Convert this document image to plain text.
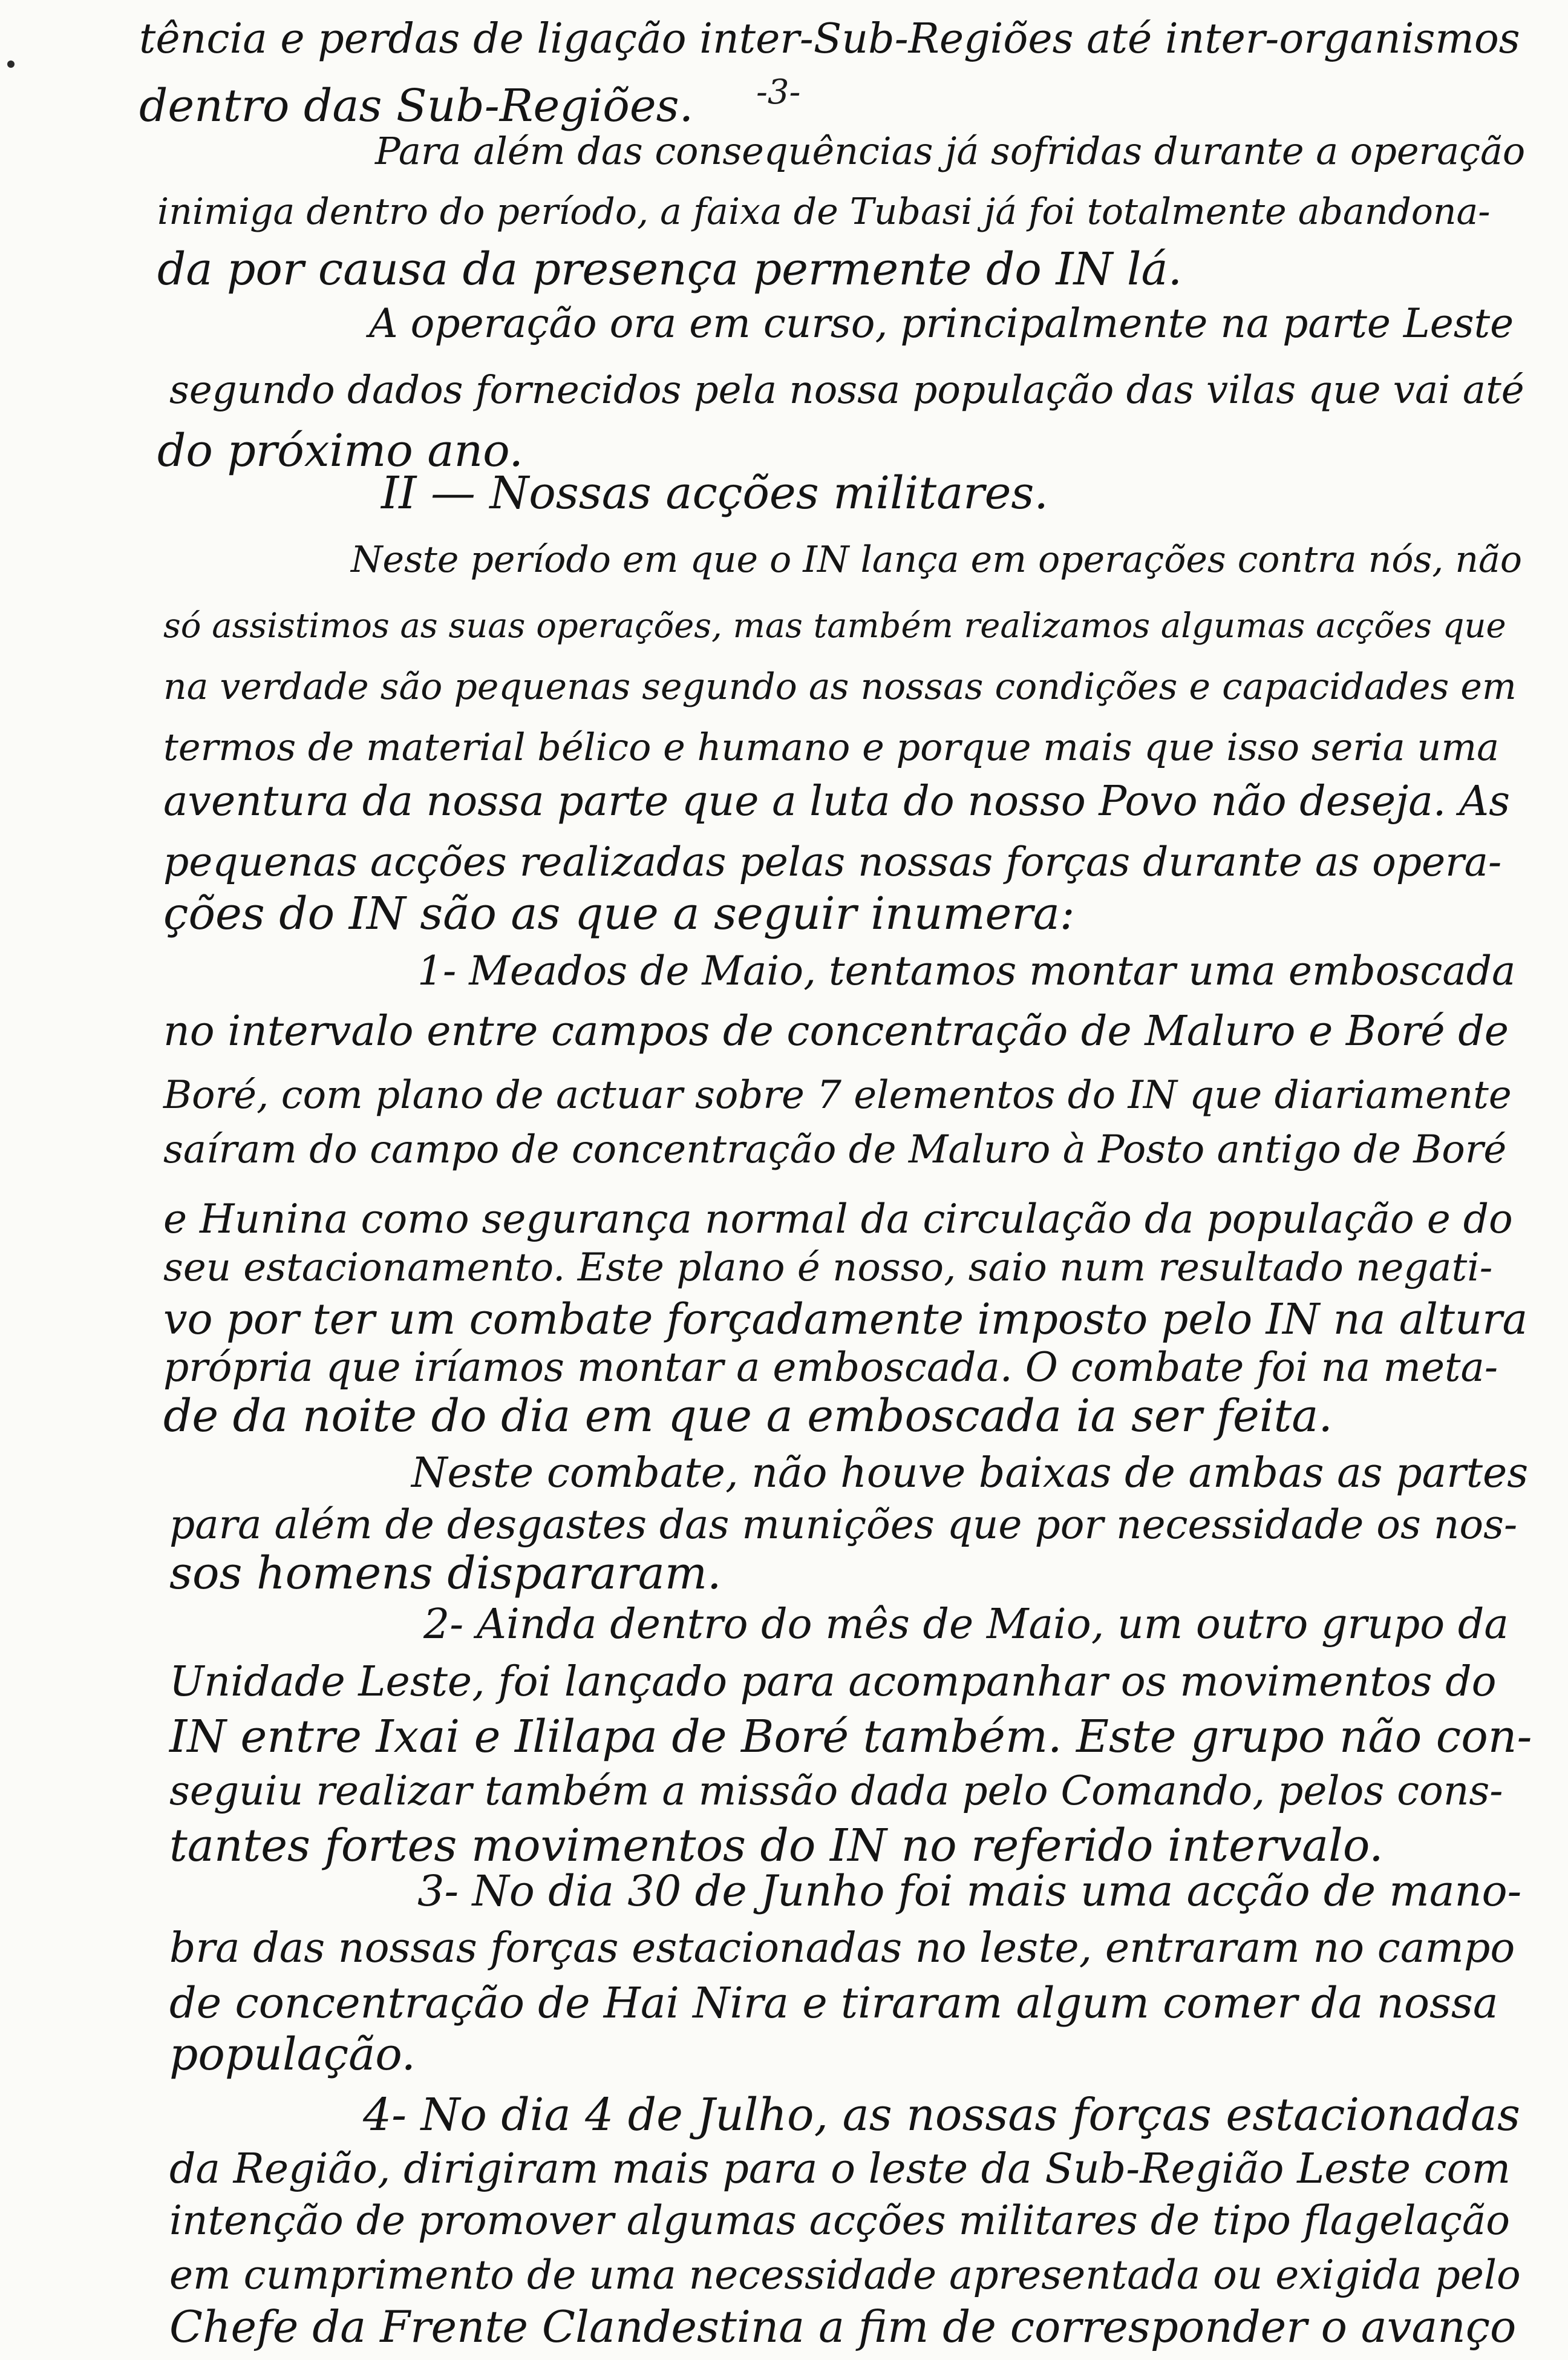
-3-
tência e perdas de ligação inter-Sub-Regiões até inter-organismos
dentro das Sub-Regiões.
Para além das consequências já sofridas durante a operação
inimiga dentro do período, a faixa de Tubasi já foi totalmente abandona-
da por causa da presença permente do IN lá.
A operação ora em curso, principalmente na parte Leste
segundo dados fornecidos pela nossa população das vilas que vai até
do próximo ano.
II — Nossas acções militares.
Neste período em que o IN lança em operações contra nós, não
só assistimos as suas operações, mas também realizamos algumas acções que
na verdade são pequenas segundo as nossas condições e capacidades em
termos de material bélico e humano e porque mais que isso seria uma
aventura da nossa parte que a luta do nosso Povo não deseja. As
pequenas acções realizadas pelas nossas forças durante as opera-
ções do IN são as que a seguir inumera:
1- Meados de Maio, tentamos montar uma emboscada
no intervalo entre campos de concentração de Maluro e Boré de
Boré, com plano de actuar sobre 7 elementos do IN que diariamente
saíram do campo de concentração de Maluro à Posto antigo de Boré
e Hunina como segurança normal da circulação da população e do
seu estacionamento. Este plano é nosso, saio num resultado negati-
vo por ter um combate forçadamente imposto pelo IN na altura
própria que iríamos montar a emboscada. O combate foi na meta-
de da noite do dia em que a emboscada ia ser feita.
Neste combate, não houve baixas de ambas as partes
para além de desgastes das munições que por necessidade os nos-
sos homens dispararam.
2- Ainda dentro do mês de Maio, um outro grupo da
Unidade Leste, foi lançado para acompanhar os movimentos do
IN entre Ixai e Ililapa de Boré também. Este grupo não con-
seguiu realizar também a missão dada pelo Comando, pelos cons-
tantes fortes movimentos do IN no referido intervalo.
3- No dia 30 de Junho foi mais uma acção de mano-
bra das nossas forças estacionadas no leste, entraram no campo
de concentração de Hai Nira e tiraram algum comer da nossa
população.
4- No dia 4 de Julho, as nossas forças estacionadas
da Região, dirigiram mais para o leste da Sub-Região Leste com
intenção de promover algumas acções militares de tipo flagelação
em cumprimento de uma necessidade apresentada ou exigida pelo
Chefe da Frente Clandestina a fim de corresponder o avanço
